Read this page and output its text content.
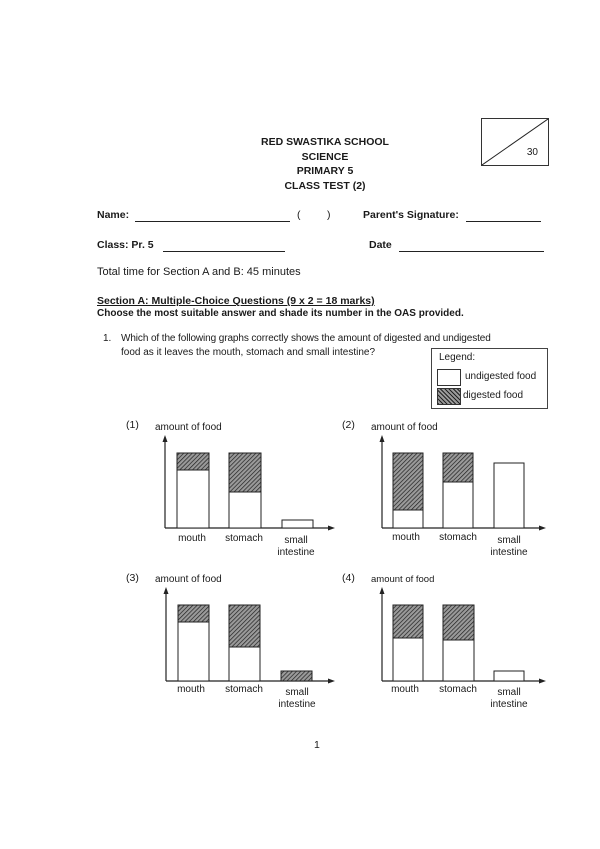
RED SWASTIKA SCHOOL
SCIENCE
PRIMARY 5
CLASS TEST (2)
30
Name:	(	)	Parent's Signature:
Class: Pr. 5	Date
Total time for Section A and B: 45 minutes
Section A: Multiple-Choice Questions (9 x 2 = 18 marks)
Choose the most suitable answer and shade its number in the OAS provided.
1. Which of the following graphs correctly shows the amount of digested and undigested
food as it leaves the mouth, stomach and small intestine?	Legend:
undigested food
digested food
(1) amount of food
mouth	stomach	small
intestine
(2) amount of food
mouth	stomach	small
intestine
(3) amount of food
mouth	stomach	small
intestine
(4) amount of food
mouth	stomach	small
intestine
1
